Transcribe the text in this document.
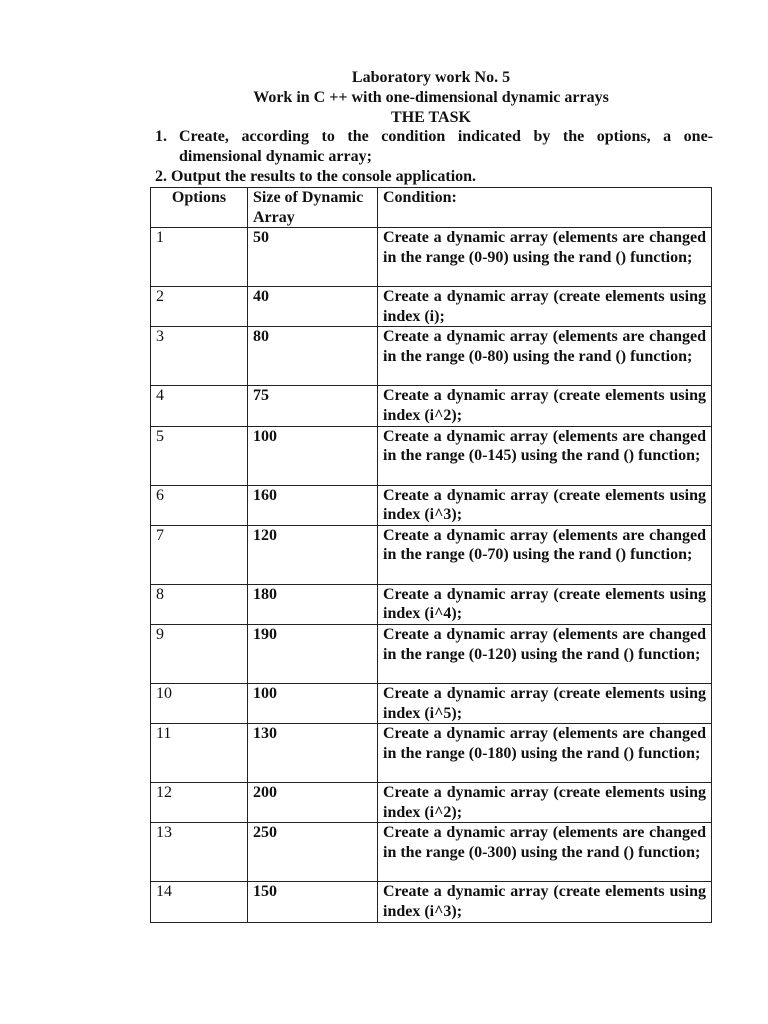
Laboratory work No. 5
Work in C ++ with one-dimensional dynamic arrays
THE TASK
1. Create, according to the condition indicated by the options, a one-
dimensional dynamic array;
2. Output the results to the console application.
Options	Size of Dynamic Array	Condition:
1	50	Create a dynamic array (elements are changed in the range (0-90) using the rand () function;
2	40	Create a dynamic array (create elements using index (i);
3	80	Create a dynamic array (elements are changed in the range (0-80) using the rand () function;
4	75	Create a dynamic array (create elements using index (i^2);
5	100	Create a dynamic array (elements are changed in the range (0-145) using the rand () function;
6	160	Create a dynamic array (create elements using index (i^3);
7	120	Create a dynamic array (elements are changed in the range (0-70) using the rand () function;
8	180	Create a dynamic array (create elements using index (i^4);
9	190	Create a dynamic array (elements are changed in the range (0-120) using the rand () function;
10	100	Create a dynamic array (create elements using index (i^5);
11	130	Create a dynamic array (elements are changed in the range (0-180) using the rand () function;
12	200	Create a dynamic array (create elements using index (i^2);
13	250	Create a dynamic array (elements are changed in the range (0-300) using the rand () function;
14	150	Create a dynamic array (create elements using index (i^3);
